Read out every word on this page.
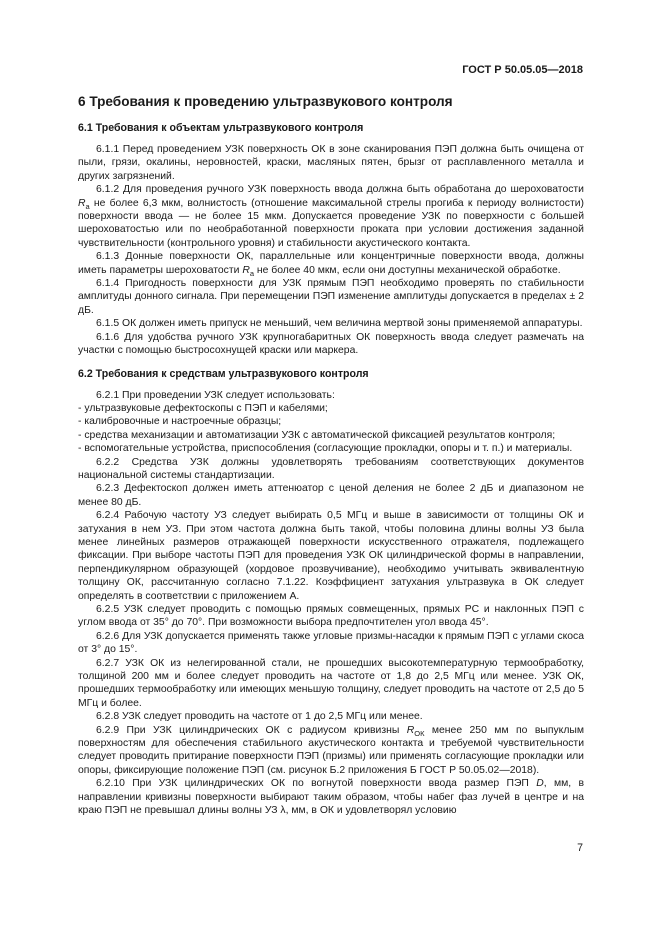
ГОСТ Р 50.05.05—2018
6 Требования к проведению ультразвукового контроля
6.1 Требования к объектам ультразвукового контроля

6.1.1 Перед проведением УЗК поверхность ОК в зоне сканирования ПЭП должна быть очищена от пыли, грязи, окалины, неровностей, краски, масляных пятен, брызг от расплавленного металла и других загрязнений.

6.1.2 Для проведения ручного УЗК поверхность ввода должна быть обработана до шероховатости $R_a$ не более 6,3 мкм, волнистость (отношение максимальной стрелы прогиба к периоду волнистости) поверхности ввода — не более 15 мкм. Допускается проведение УЗК по поверхности с большей шероховатостью или по необработанной поверхности проката при условии достижения заданной чувствительности (контрольного уровня) и стабильности акустического контакта.

6.1.3 Донные поверхности ОК, параллельные или концентричные поверхности ввода, должны иметь параметры шероховатости $R_a$ не более 40 мкм, если они доступны механической обработке.

6.1.4 Пригодность поверхности для УЗК прямым ПЭП необходимо проверять по стабильности амплитуды донного сигнала. При перемещении ПЭП изменение амплитуды допускается в пределах ± 2 дБ.

6.1.5 ОК должен иметь припуск не меньший, чем величина мертвой зоны применяемой аппаратуры.

6.1.6 Для удобства ручного УЗК крупногабаритных ОК поверхность ввода следует размечать на участки с помощью быстросохнущей краски или маркера.

6.2 Требования к средствам ультразвукового контроля

6.2.1 При проведении УЗК следует использовать:

- ультразвуковые дефектоскопы с ПЭП и кабелями;

- калибровочные и настроечные образцы;

- средства механизации и автоматизации УЗК с автоматической фиксацией результатов контроля;

- вспомогательные устройства, приспособления (согласующие прокладки, опоры и т. п.) и материалы.

6.2.2 Средства УЗК должны удовлетворять требованиям соответствующих документов национальной системы стандартизации.

6.2.3 Дефектоскоп должен иметь аттенюатор с ценой деления не более 2 дБ и диапазоном не менее 80 дБ.

6.2.4 Рабочую частоту УЗ следует выбирать 0,5 МГц и выше в зависимости от толщины ОК и затухания в нем УЗ. При этом частота должна быть такой, чтобы половина длины волны УЗ была менее линейных размеров отражающей поверхности искусственного отражателя, подлежащего фиксации. При выборе частоты ПЭП для проведения УЗК ОК цилиндрической формы в направлении, перпендикулярном образующей (хордовое прозвучивание), необходимо учитывать эквивалентную толщину ОК, рассчитанную согласно 7.1.22. Коэффициент затухания ультразвука в ОК следует определять в соответствии с приложением А.

6.2.5 УЗК следует проводить с помощью прямых совмещенных, прямых РС и наклонных ПЭП с углом ввода от 35° до 70°. При возможности выбора предпочтителен угол ввода 45°.

6.2.6 Для УЗК допускается применять также угловые призмы-насадки к прямым ПЭП с углами скоса от 3° до 15°.

6.2.7 УЗК ОК из нелегированной стали, не прошедших высокотемпературную термообработку, толщиной 200 мм и более следует проводить на частоте от 1,8 до 2,5 МГц или менее. УЗК ОК, прошедших термообработку или имеющих меньшую толщину, следует проводить на частоте от 2,5 до 5 МГц и более.

6.2.8 УЗК следует проводить на частоте от 1 до 2,5 МГц или менее.

6.2.9 При УЗК цилиндрических ОК с радиусом кривизны $R_{ОК}$ менее 250 мм по выпуклым поверхностям для обеспечения стабильного акустического контакта и требуемой чувствительности следует проводить притирание поверхности ПЭП (призмы) или применять согласующие прокладки или опоры, фиксирующие положение ПЭП (см. рисунок Б.2 приложения Б ГОСТ Р 50.05.02—2018).

6.2.10 При УЗК цилиндрических ОК по вогнутой поверхности ввода размер ПЭП D, мм, в направлении кривизны поверхности выбирают таким образом, чтобы набег фаз лучей в центре и на краю ПЭП не превышал длины волны УЗ λ, мм, в ОК и удовлетворял условию

7
